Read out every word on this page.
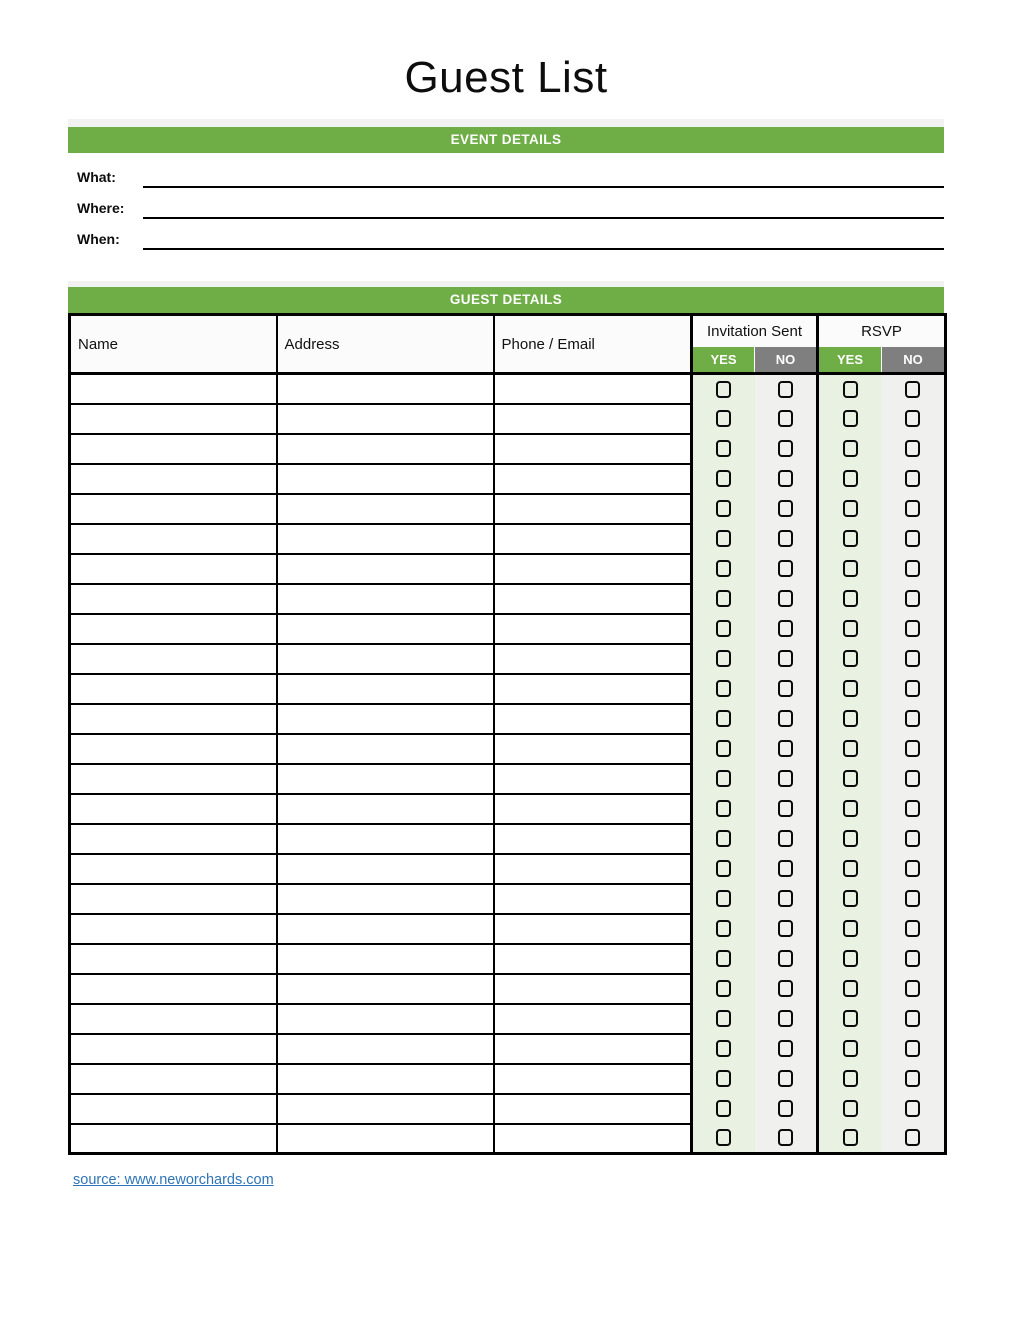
Guest List
EVENT DETAILS
What:
Where:
When:
GUEST DETAILS
Name	Address	Phone / Email	Invitation Sent		RSVP	
			YES	NO	YES	NO

source: www.neworchards.com
